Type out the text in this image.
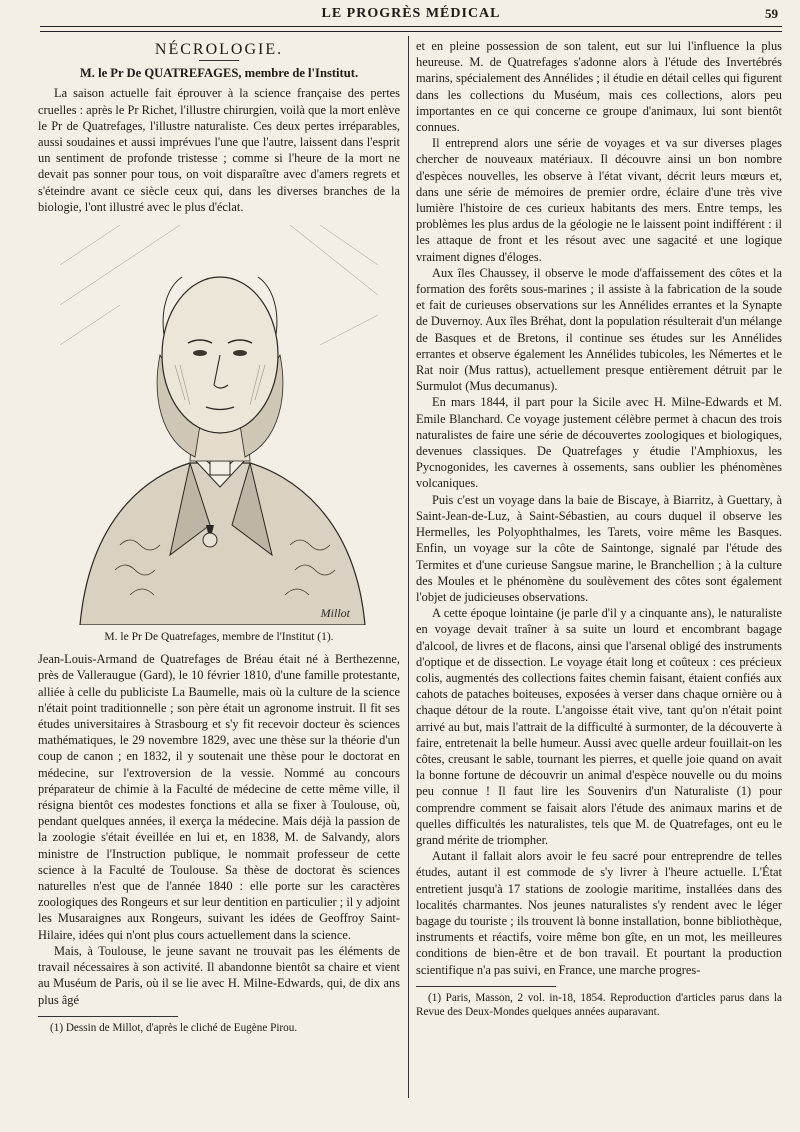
LE PROGRÈS MÉDICAL	59
NÉCROLOGIE.
M. le Pr De QUATREFAGES, membre de l'Institut.

La saison actuelle fait éprouver à la science française des pertes cruelles : après le Pr Richet, l'illustre chirurgien, voilà que la mort enlève le Pr de Quatrefages, l'illustre naturaliste. Ces deux pertes irréparables, aussi soudaines et aussi imprévues l'une que l'autre, laissent dans l'esprit un sentiment de profonde tristesse ; comme si l'heure de la mort ne devait pas sonner pour tous, on voit disparaître avec d'amers regrets et s'éteindre avant ce siècle ceux qui, dans les diverses branches de la biologie, l'ont illustré avec le plus d'éclat.

Millot
M. le Pr De Quatrefages, membre de l'Institut (1).

Jean-Louis-Armand de Quatrefages de Bréau était né à Berthezenne, près de Valleraugue (Gard), le 10 février 1810, d'une famille protestante, alliée à celle du publiciste La Baumelle, mais où la culture de la science n'était point traditionnelle ; son père était un agronome instruit. Il fit ses études universitaires à Strasbourg et s'y fit recevoir docteur ès sciences mathématiques, le 29 novembre 1829, avec une thèse sur la théorie d'un coup de canon ; en 1832, il y soutenait une thèse pour le doctorat en médecine, sur l'extroversion de la vessie. Nommé au concours préparateur de chimie à la Faculté de médecine de cette même ville, il résigna bientôt ces modestes fonctions et alla se fixer à Toulouse, où, pendant quelques années, il exerça la médecine. Mais déjà la passion de la zoologie s'était éveillée en lui et, en 1838, M. de Salvandy, alors ministre de l'Instruction publique, le nommait professeur de cette science à la Faculté de Toulouse. Sa thèse de doctorat ès sciences naturelles n'est que de l'année 1840 : elle porte sur les caractères zoologiques des Rongeurs et sur leur dentition en particulier ; il y adjoint les Musaraignes aux Rongeurs, suivant les idées de Geoffroy Saint-Hilaire, idées qui n'ont plus cours actuellement dans la science.

Mais, à Toulouse, le jeune savant ne trouvait pas les éléments de travail nécessaires à son activité. Il abandonne bientôt sa chaire et vient au Muséum de Paris, où il se lie avec H. Milne-Edwards, qui, de dix ans plus âgé

(1) Dessin de Millot, d'après le cliché de Eugène Pirou.

et en pleine possession de son talent, eut sur lui l'influence la plus heureuse. M. de Quatrefages s'adonne alors à l'étude des Invertébrés marins, spécialement des Annélides ; il étudie en détail celles qui figurent dans les collections du Muséum, mais ces collections, alors peu importantes en ce qui concerne ce groupe d'animaux, lui sont bientôt connues.

Il entreprend alors une série de voyages et va sur diverses plages chercher de nouveaux matériaux. Il découvre ainsi un bon nombre d'espèces nouvelles, les observe à l'état vivant, décrit leurs mœurs et, dans une série de mémoires de premier ordre, éclaire d'une très vive lumière l'histoire de ces curieux habitants des mers. Entre temps, les problèmes les plus ardus de la géologie ne le laissent point indifférent : il les attaque de front et les résout avec une sagacité et une logique vraiment dignes d'éloges.

Aux îles Chaussey, il observe le mode d'affaissement des côtes et la formation des forêts sous-marines ; il assiste à la fabrication de la soude et fait de curieuses observations sur les Annélides errantes et la Synapte de Duvernoy. Aux îles Bréhat, dont la population résulterait d'un mélange de Basques et de Bretons, il continue ses études sur les Annélides errantes et observe également les Annélides tubicoles, les Némertes et le Rat noir (Mus rattus), actuellement presque entièrement détruit par le Surmulot (Mus decumanus).

En mars 1844, il part pour la Sicile avec H. Milne-Edwards et M. Emile Blanchard. Ce voyage justement célèbre permet à chacun des trois naturalistes de faire une série de découvertes zoologiques et biologiques, devenues classiques. De Quatrefages y étudie l'Amphioxus, les Pycnogonides, les cavernes à ossements, sans oublier les phénomènes volcaniques.

Puis c'est un voyage dans la baie de Biscaye, à Biarritz, à Guettary, à Saint-Jean-de-Luz, à Saint-Sébastien, au cours duquel il observe les Hermelles, les Polyophthalmes, les Tarets, voire même les Basques. Enfin, un voyage sur la côte de Saintonge, signalé par l'étude des Termites et d'une curieuse Sangsue marine, le Branchellion ; à la culture des Moules et le phénomène du soulèvement des côtes sont également l'objet de judicieuses observations.

A cette époque lointaine (je parle d'il y a cinquante ans), le naturaliste en voyage devait traîner à sa suite un lourd et encombrant bagage d'alcool, de livres et de flacons, ainsi que l'arsenal obligé des instruments d'optique et de dissection. Le voyage était long et coûteux : ces précieux colis, augmentés des collections faites chemin faisant, étaient confiés aux cahots de pataches boiteuses, exposées à verser dans chaque ornière ou à chaque détour de la route. L'angoisse était vive, tant qu'on n'était point arrivé au but, mais l'attrait de la difficulté à surmonter, de la découverte à faire, entretenait la belle humeur. Aussi avec quelle ardeur fouillait-on les côtes, creusant le sable, tournant les pierres, et quelle joie quand on avait la bonne fortune de découvrir un animal d'espèce nouvelle ou du moins peu connue ! Il faut lire les Souvenirs d'un Naturaliste (1) pour comprendre comment se faisait alors l'étude des animaux marins et de quelles difficultés les naturalistes, tels que M. de Quatrefages, ont eu le grand mérite de triompher.

Autant il fallait alors avoir le feu sacré pour entreprendre de telles études, autant il est commode de s'y livrer à l'heure actuelle. L'État entretient jusqu'à 17 stations de zoologie maritime, installées dans des localités charmantes. Nos jeunes naturalistes s'y rendent avec le léger bagage du touriste ; ils trouvent là bonne installation, bonne bibliothèque, instruments et réactifs, voire même bon gîte, en un mot, les meilleures conditions de bien-être et de bon travail. Et pourtant la production scientifique n'a pas suivi, en France, une marche progres-

(1) Paris, Masson, 2 vol. in-18, 1854. Reproduction d'articles parus dans la Revue des Deux-Mondes quelques années auparavant.
